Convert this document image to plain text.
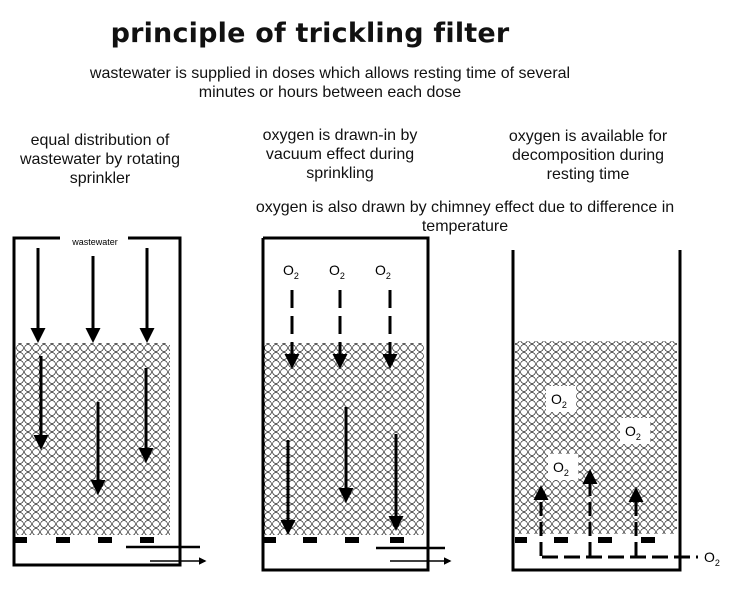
principle of trickling filter
wastewater is supplied in doses which allows resting time of several minutes or hours between each dose
equal distribution of wastewater by rotating sprinkler
oxygen is drawn-in by vacuum effect during sprinkling
oxygen is available for decomposition during resting time
oxygen is also drawn by chimney effect due to difference in temperature
wastewater
$O_2$ $O_2$ $O_2$
$O_2$
$O_2$
$O_2$
$O_2$
